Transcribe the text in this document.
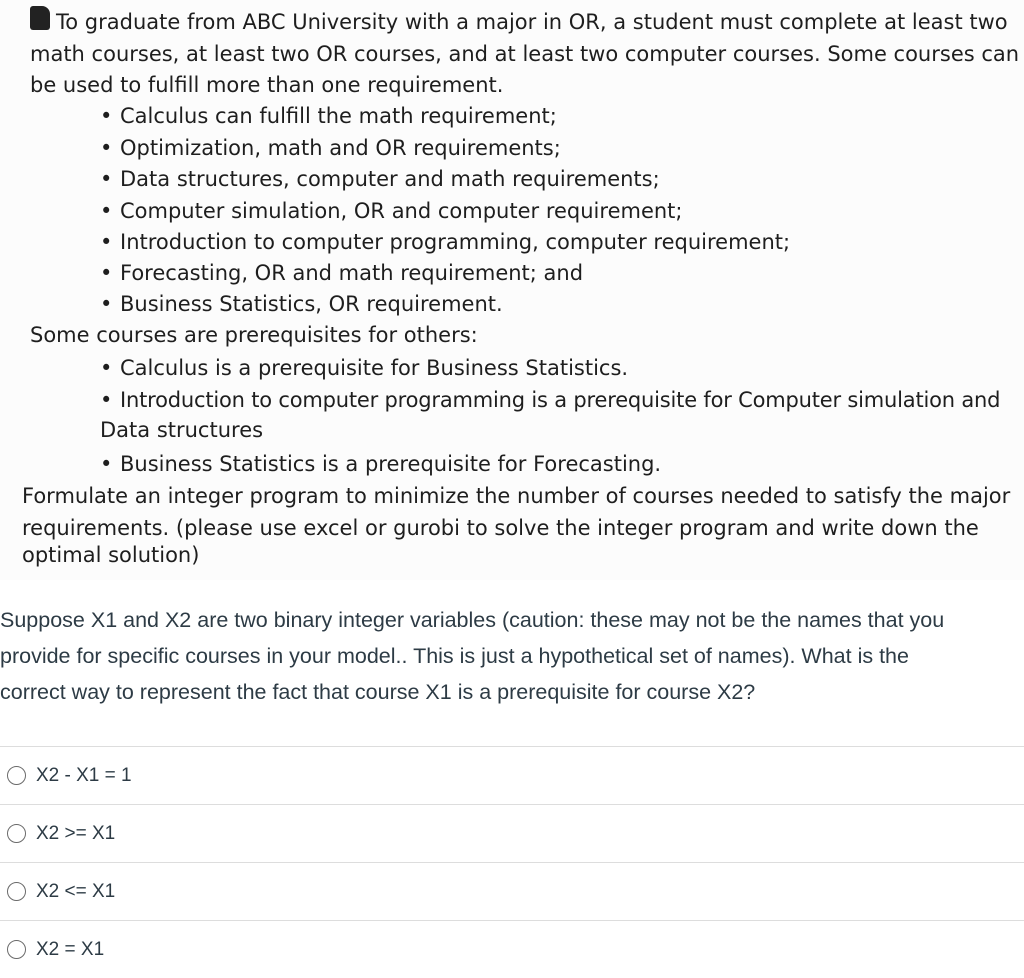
To graduate from ABC University with a major in OR, a student must complete at least two
math courses, at least two OR courses, and at least two computer courses. Some courses can
be used to fulfill more than one requirement.
• Calculus can fulfill the math requirement;
• Optimization, math and OR requirements;
• Data structures, computer and math requirements;
• Computer simulation, OR and computer requirement;
• Introduction to computer programming, computer requirement;
• Forecasting, OR and math requirement; and
• Business Statistics, OR requirement.
Some courses are prerequisites for others:
• Calculus is a prerequisite for Business Statistics.
• Introduction to computer programming is a prerequisite for Computer simulation and
Data structures
• Business Statistics is a prerequisite for Forecasting.
Formulate an integer program to minimize the number of courses needed to satisfy the major
requirements. (please use excel or gurobi to solve the integer program and write down the
optimal solution)
Suppose X1 and X2 are two binary integer variables (caution: these may not be the names that you
provide for specific courses in your model.. This is just a hypothetical set of names). What is the
correct way to represent the fact that course X1 is a prerequisite for course X2?
X2 - X1 = 1
X2 >= X1
X2 <= X1
X2 = X1
